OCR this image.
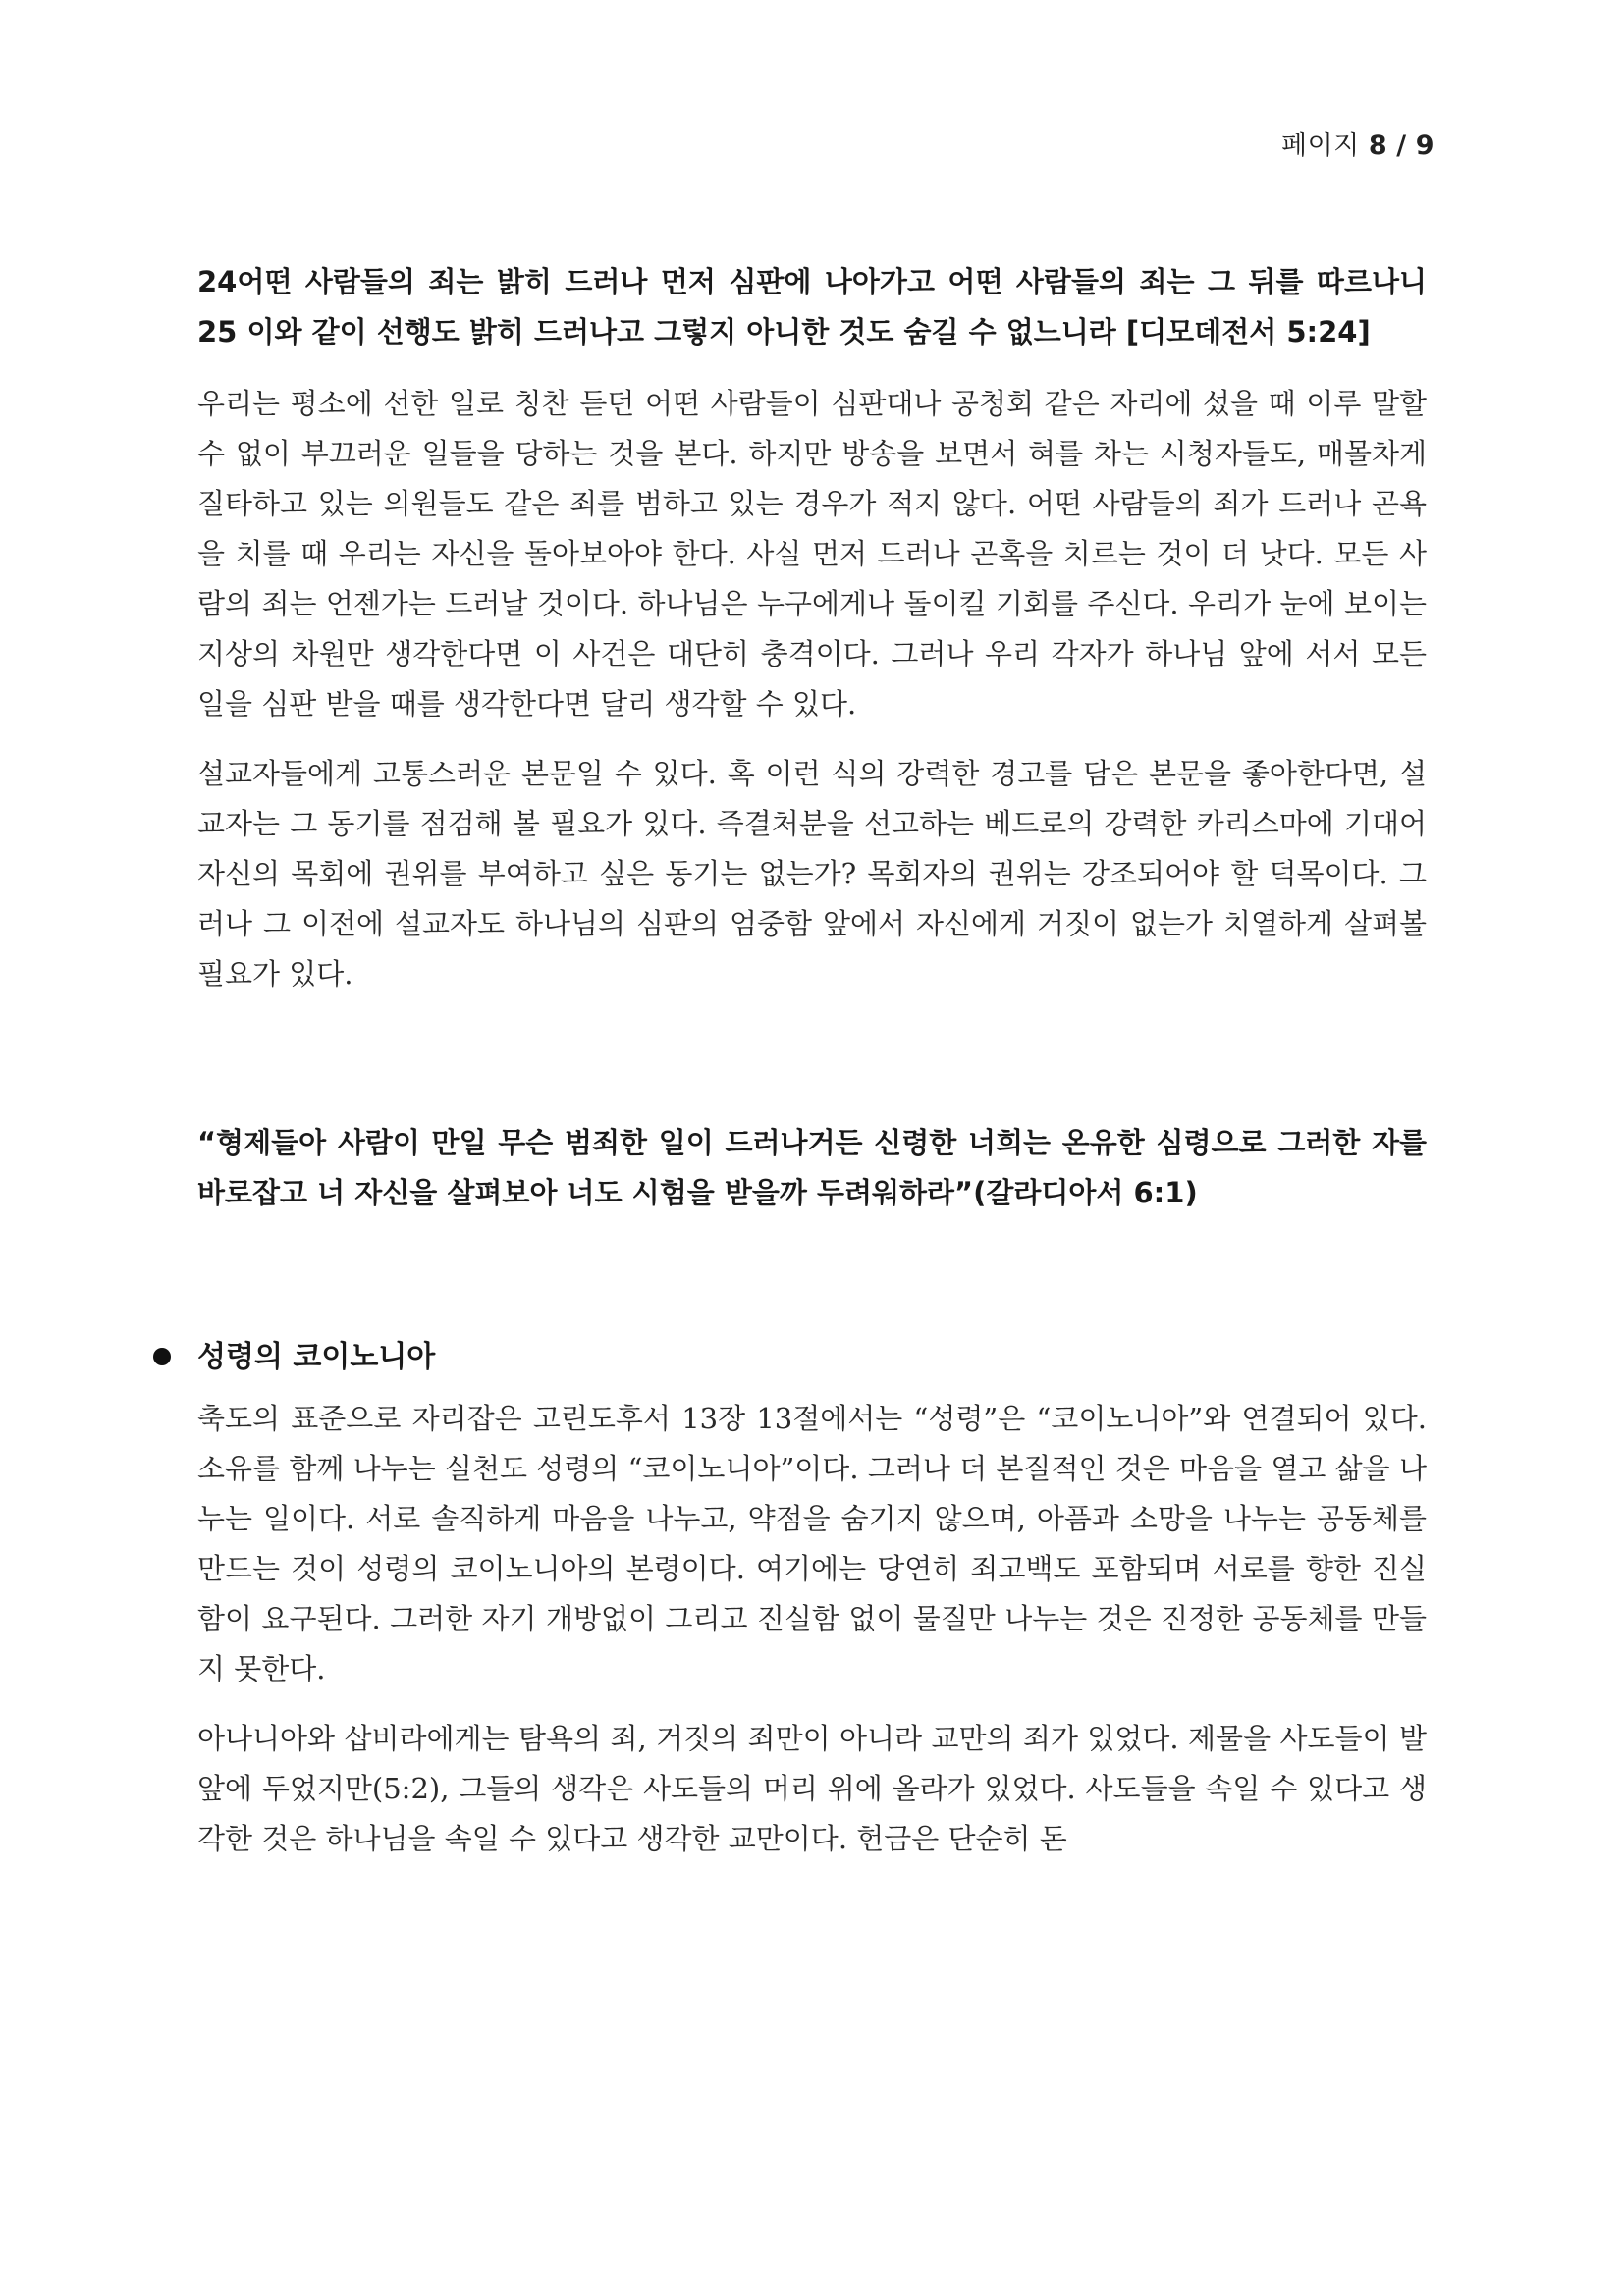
페이지 8 / 9

24어떤 사람들의 죄는 밝히 드러나 먼저 심판에 나아가고 어떤 사람들의 죄는 그 뒤를 따르나니 25 이와 같이 선행도 밝히 드러나고 그렇지 아니한 것도 숨길 수 없느니라 [디모데전서 5:24]

우리는 평소에 선한 일로 칭찬 듣던 어떤 사람들이 심판대나 공청회 같은 자리에 섰을 때 이루 말할 수 없이 부끄러운 일들을 당하는 것을 본다. 하지만 방송을 보면서 혀를 차는 시청자들도, 매몰차게 질타하고 있는 의원들도 같은 죄를 범하고 있는 경우가 적지 않다. 어떤 사람들의 죄가 드러나 곤욕을 치를 때 우리는 자신을 돌아보아야 한다. 사실 먼저 드러나 곤혹을 치르는 것이 더 낫다. 모든 사람의 죄는 언젠가는 드러날 것이다. 하나님은 누구에게나 돌이킬 기회를 주신다. 우리가 눈에 보이는 지상의 차원만 생각한다면 이 사건은 대단히 충격이다. 그러나 우리 각자가 하나님 앞에 서서 모든 일을 심판 받을 때를 생각한다면 달리 생각할 수 있다.

설교자들에게 고통스러운 본문일 수 있다. 혹 이런 식의 강력한 경고를 담은 본문을 좋아한다면, 설교자는 그 동기를 점검해 볼 필요가 있다. 즉결처분을 선고하는 베드로의 강력한 카리스마에 기대어 자신의 목회에 권위를 부여하고 싶은 동기는 없는가? 목회자의 권위는 강조되어야 할 덕목이다. 그러나 그 이전에 설교자도 하나님의 심판의 엄중함 앞에서 자신에게 거짓이 없는가 치열하게 살펴볼 필요가 있다.

“형제들아 사람이 만일 무슨 범죄한 일이 드러나거든 신령한 너희는 온유한 심령으로 그러한 자를 바로잡고 너 자신을 살펴보아 너도 시험을 받을까 두려워하라”(갈라디아서 6:1)

성령의 코이노니아

축도의 표준으로 자리잡은 고린도후서 13장 13절에서는 “성령”은 “코이노니아”와 연결되어 있다. 소유를 함께 나누는 실천도 성령의 “코이노니아”이다. 그러나 더 본질적인 것은 마음을 열고 삶을 나누는 일이다. 서로 솔직하게 마음을 나누고, 약점을 숨기지 않으며, 아픔과 소망을 나누는 공동체를 만드는 것이 성령의 코이노니아의 본령이다. 여기에는 당연히 죄고백도 포함되며 서로를 향한 진실함이 요구된다. 그러한 자기 개방없이 그리고 진실함 없이 물질만 나누는 것은 진정한 공동체를 만들지 못한다.

아나니아와 삽비라에게는 탐욕의 죄, 거짓의 죄만이 아니라 교만의 죄가 있었다. 제물을 사도들이 발 앞에 두었지만(5:2), 그들의 생각은 사도들의 머리 위에 올라가 있었다. 사도들을 속일 수 있다고 생각한 것은 하나님을 속일 수 있다고 생각한 교만이다. 헌금은 단순히 돈
